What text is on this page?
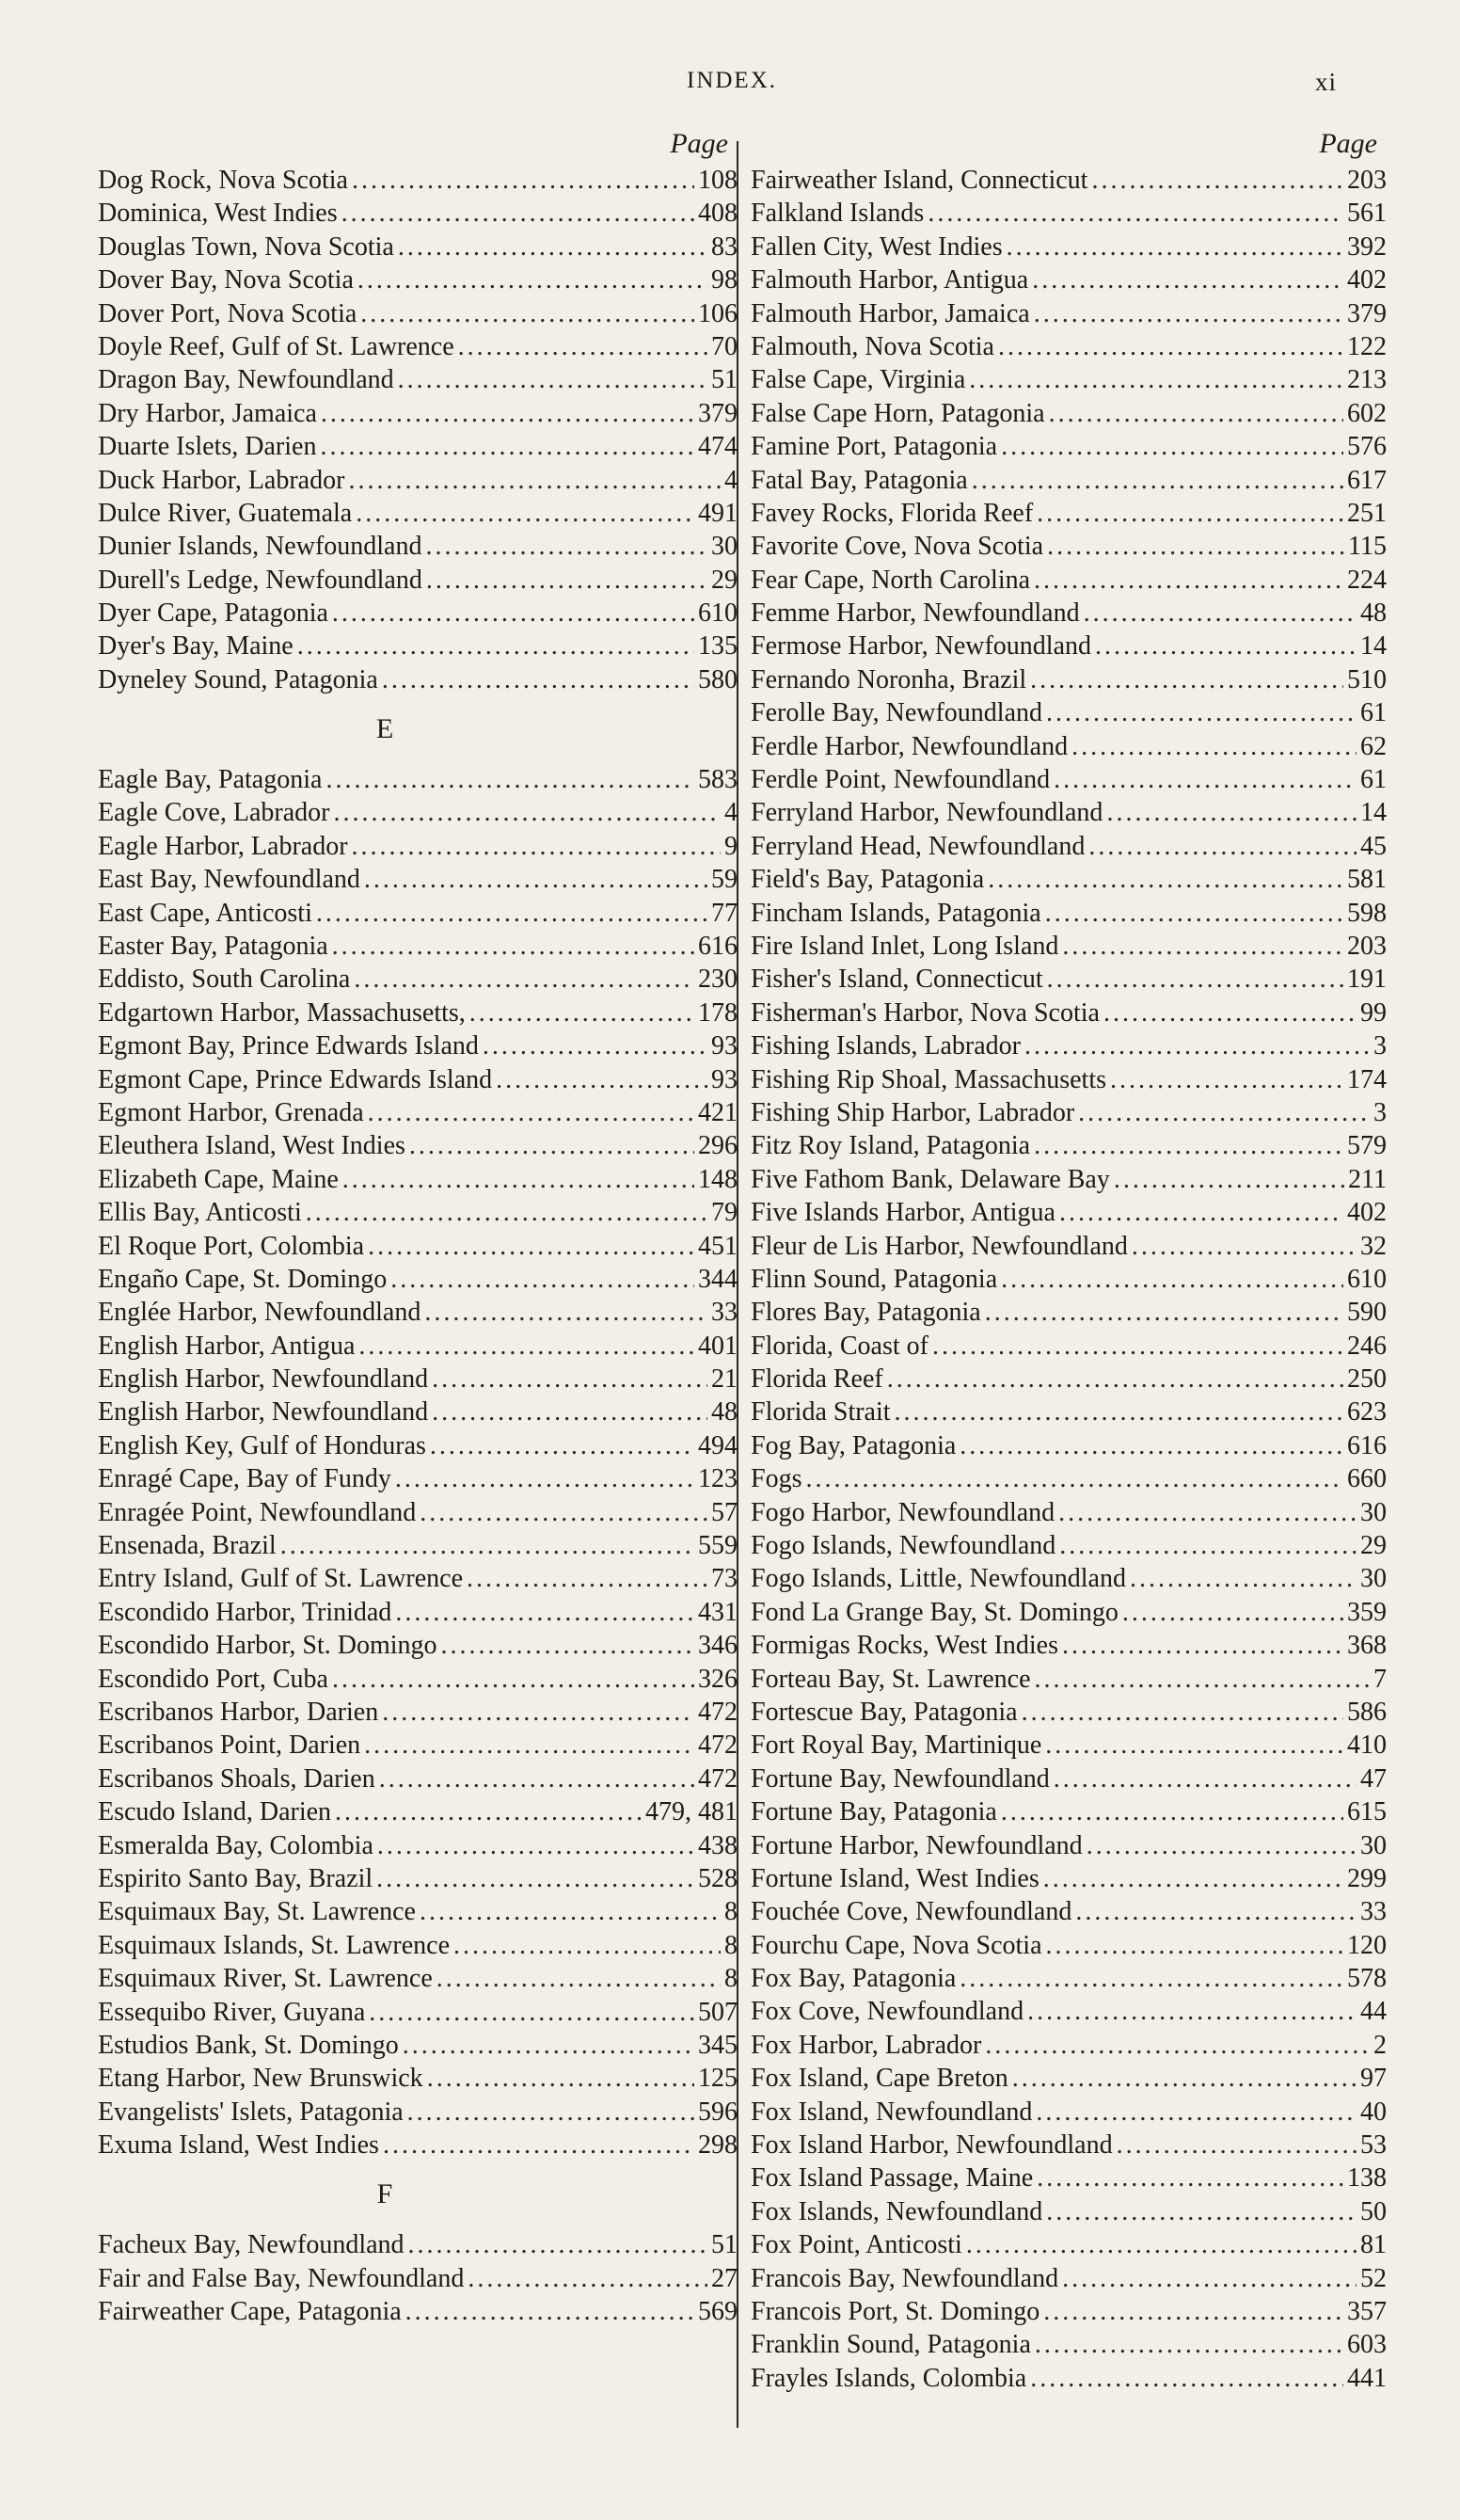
INDEX.	xi
Page
Dog Rock, Nova Scotia .....	108
Dominica, West Indies .....	408
Douglas Town, Nova Scotia .....	83
Dover Bay, Nova Scotia .....	98
Dover Port, Nova Scotia .....	106
Doyle Reef, Gulf of St. Lawrence .....	70
Dragon Bay, Newfoundland .....	51
Dry Harbor, Jamaica .....	379
Duarte Islets, Darien .....	474
Duck Harbor, Labrador .....	4
Dulce River, Guatemala .....	491
Dunier Islands, Newfoundland .....	30
Durell's Ledge, Newfoundland .....	29
Dyer Cape, Patagonia .....	610
Dyer's Bay, Maine .....	135
Dyneley Sound, Patagonia .....	580
E
Eagle Bay, Patagonia .....	583
Eagle Cove, Labrador .....	4
Eagle Harbor, Labrador .....	9
East Bay, Newfoundland .....	59
East Cape, Anticosti .....	77
Easter Bay, Patagonia .....	616
Eddisto, South Carolina .....	230
Edgartown Harbor, Massachusetts, .....	178
Egmont Bay, Prince Edwards Island .....	93
Egmont Cape, Prince Edwards Island .....	93
Egmont Harbor, Grenada .....	421
Eleuthera Island, West Indies .....	296
Elizabeth Cape, Maine .....	148
Ellis Bay, Anticosti .....	79
El Roque Port, Colombia .....	451
Engaño Cape, St. Domingo .....	344
Englée Harbor, Newfoundland .....	33
English Harbor, Antigua .....	401
English Harbor, Newfoundland .....	21
English Harbor, Newfoundland .....	48
English Key, Gulf of Honduras .....	494
Enragé Cape, Bay of Fundy .....	123
Enragée Point, Newfoundland .....	57
Ensenada, Brazil .....	559
Entry Island, Gulf of St. Lawrence .....	73
Escondido Harbor, Trinidad .....	431
Escondido Harbor, St. Domingo .....	346
Escondido Port, Cuba .....	326
Escribanos Harbor, Darien .....	472
Escribanos Point, Darien .....	472
Escribanos Shoals, Darien .....	472
Escudo Island, Darien .....	479, 481
Esmeralda Bay, Colombia .....	438
Espirito Santo Bay, Brazil .....	528
Esquimaux Bay, St. Lawrence .....	8
Esquimaux Islands, St. Lawrence .....	8
Esquimaux River, St. Lawrence .....	8
Essequibo River, Guyana .....	507
Estudios Bank, St. Domingo .....	345
Etang Harbor, New Brunswick .....	125
Evangelists' Islets, Patagonia .....	596
Exuma Island, West Indies .....	298
F
Facheux Bay, Newfoundland .....	51
Fair and False Bay, Newfoundland .....	27
Fairweather Cape, Patagonia .....	569
Page
Fairweather Island, Connecticut .....	203
Falkland Islands .....	561
Fallen City, West Indies .....	392
Falmouth Harbor, Antigua .....	402
Falmouth Harbor, Jamaica .....	379
Falmouth, Nova Scotia .....	122
False Cape, Virginia .....	213
False Cape Horn, Patagonia .....	602
Famine Port, Patagonia .....	576
Fatal Bay, Patagonia .....	617
Favey Rocks, Florida Reef .....	251
Favorite Cove, Nova Scotia .....	115
Fear Cape, North Carolina .....	224
Femme Harbor, Newfoundland .....	48
Fermose Harbor, Newfoundland .....	14
Fernando Noronha, Brazil .....	510
Ferolle Bay, Newfoundland .....	61
Ferdle Harbor, Newfoundland .....	62
Ferdle Point, Newfoundland .....	61
Ferryland Harbor, Newfoundland .....	14
Ferryland Head, Newfoundland .....	45
Field's Bay, Patagonia .....	581
Fincham Islands, Patagonia .....	598
Fire Island Inlet, Long Island .....	203
Fisher's Island, Connecticut .....	191
Fisherman's Harbor, Nova Scotia .....	99
Fishing Islands, Labrador .....	3
Fishing Rip Shoal, Massachusetts .....	174
Fishing Ship Harbor, Labrador .....	3
Fitz Roy Island, Patagonia .....	579
Five Fathom Bank, Delaware Bay .....	211
Five Islands Harbor, Antigua .....	402
Fleur de Lis Harbor, Newfoundland .....	32
Flinn Sound, Patagonia .....	610
Flores Bay, Patagonia .....	590
Florida, Coast of .....	246
Florida Reef .....	250
Florida Strait .....	623
Fog Bay, Patagonia .....	616
Fogs .....	660
Fogo Harbor, Newfoundland .....	30
Fogo Islands, Newfoundland .....	29
Fogo Islands, Little, Newfoundland .....	30
Fond La Grange Bay, St. Domingo .....	359
Formigas Rocks, West Indies .....	368
Forteau Bay, St. Lawrence .....	7
Fortescue Bay, Patagonia .....	586
Fort Royal Bay, Martinique .....	410
Fortune Bay, Newfoundland .....	47
Fortune Bay, Patagonia .....	615
Fortune Harbor, Newfoundland .....	30
Fortune Island, West Indies .....	299
Fouchée Cove, Newfoundland .....	33
Fourchu Cape, Nova Scotia .....	120
Fox Bay, Patagonia .....	578
Fox Cove, Newfoundland .....	44
Fox Harbor, Labrador .....	2
Fox Island, Cape Breton .....	97
Fox Island, Newfoundland .....	40
Fox Island Harbor, Newfoundland .....	53
Fox Island Passage, Maine .....	138
Fox Islands, Newfoundland .....	50
Fox Point, Anticosti .....	81
Francois Bay, Newfoundland .....	52
Francois Port, St. Domingo .....	357
Franklin Sound, Patagonia .....	603
Frayles Islands, Colombia .....	441
